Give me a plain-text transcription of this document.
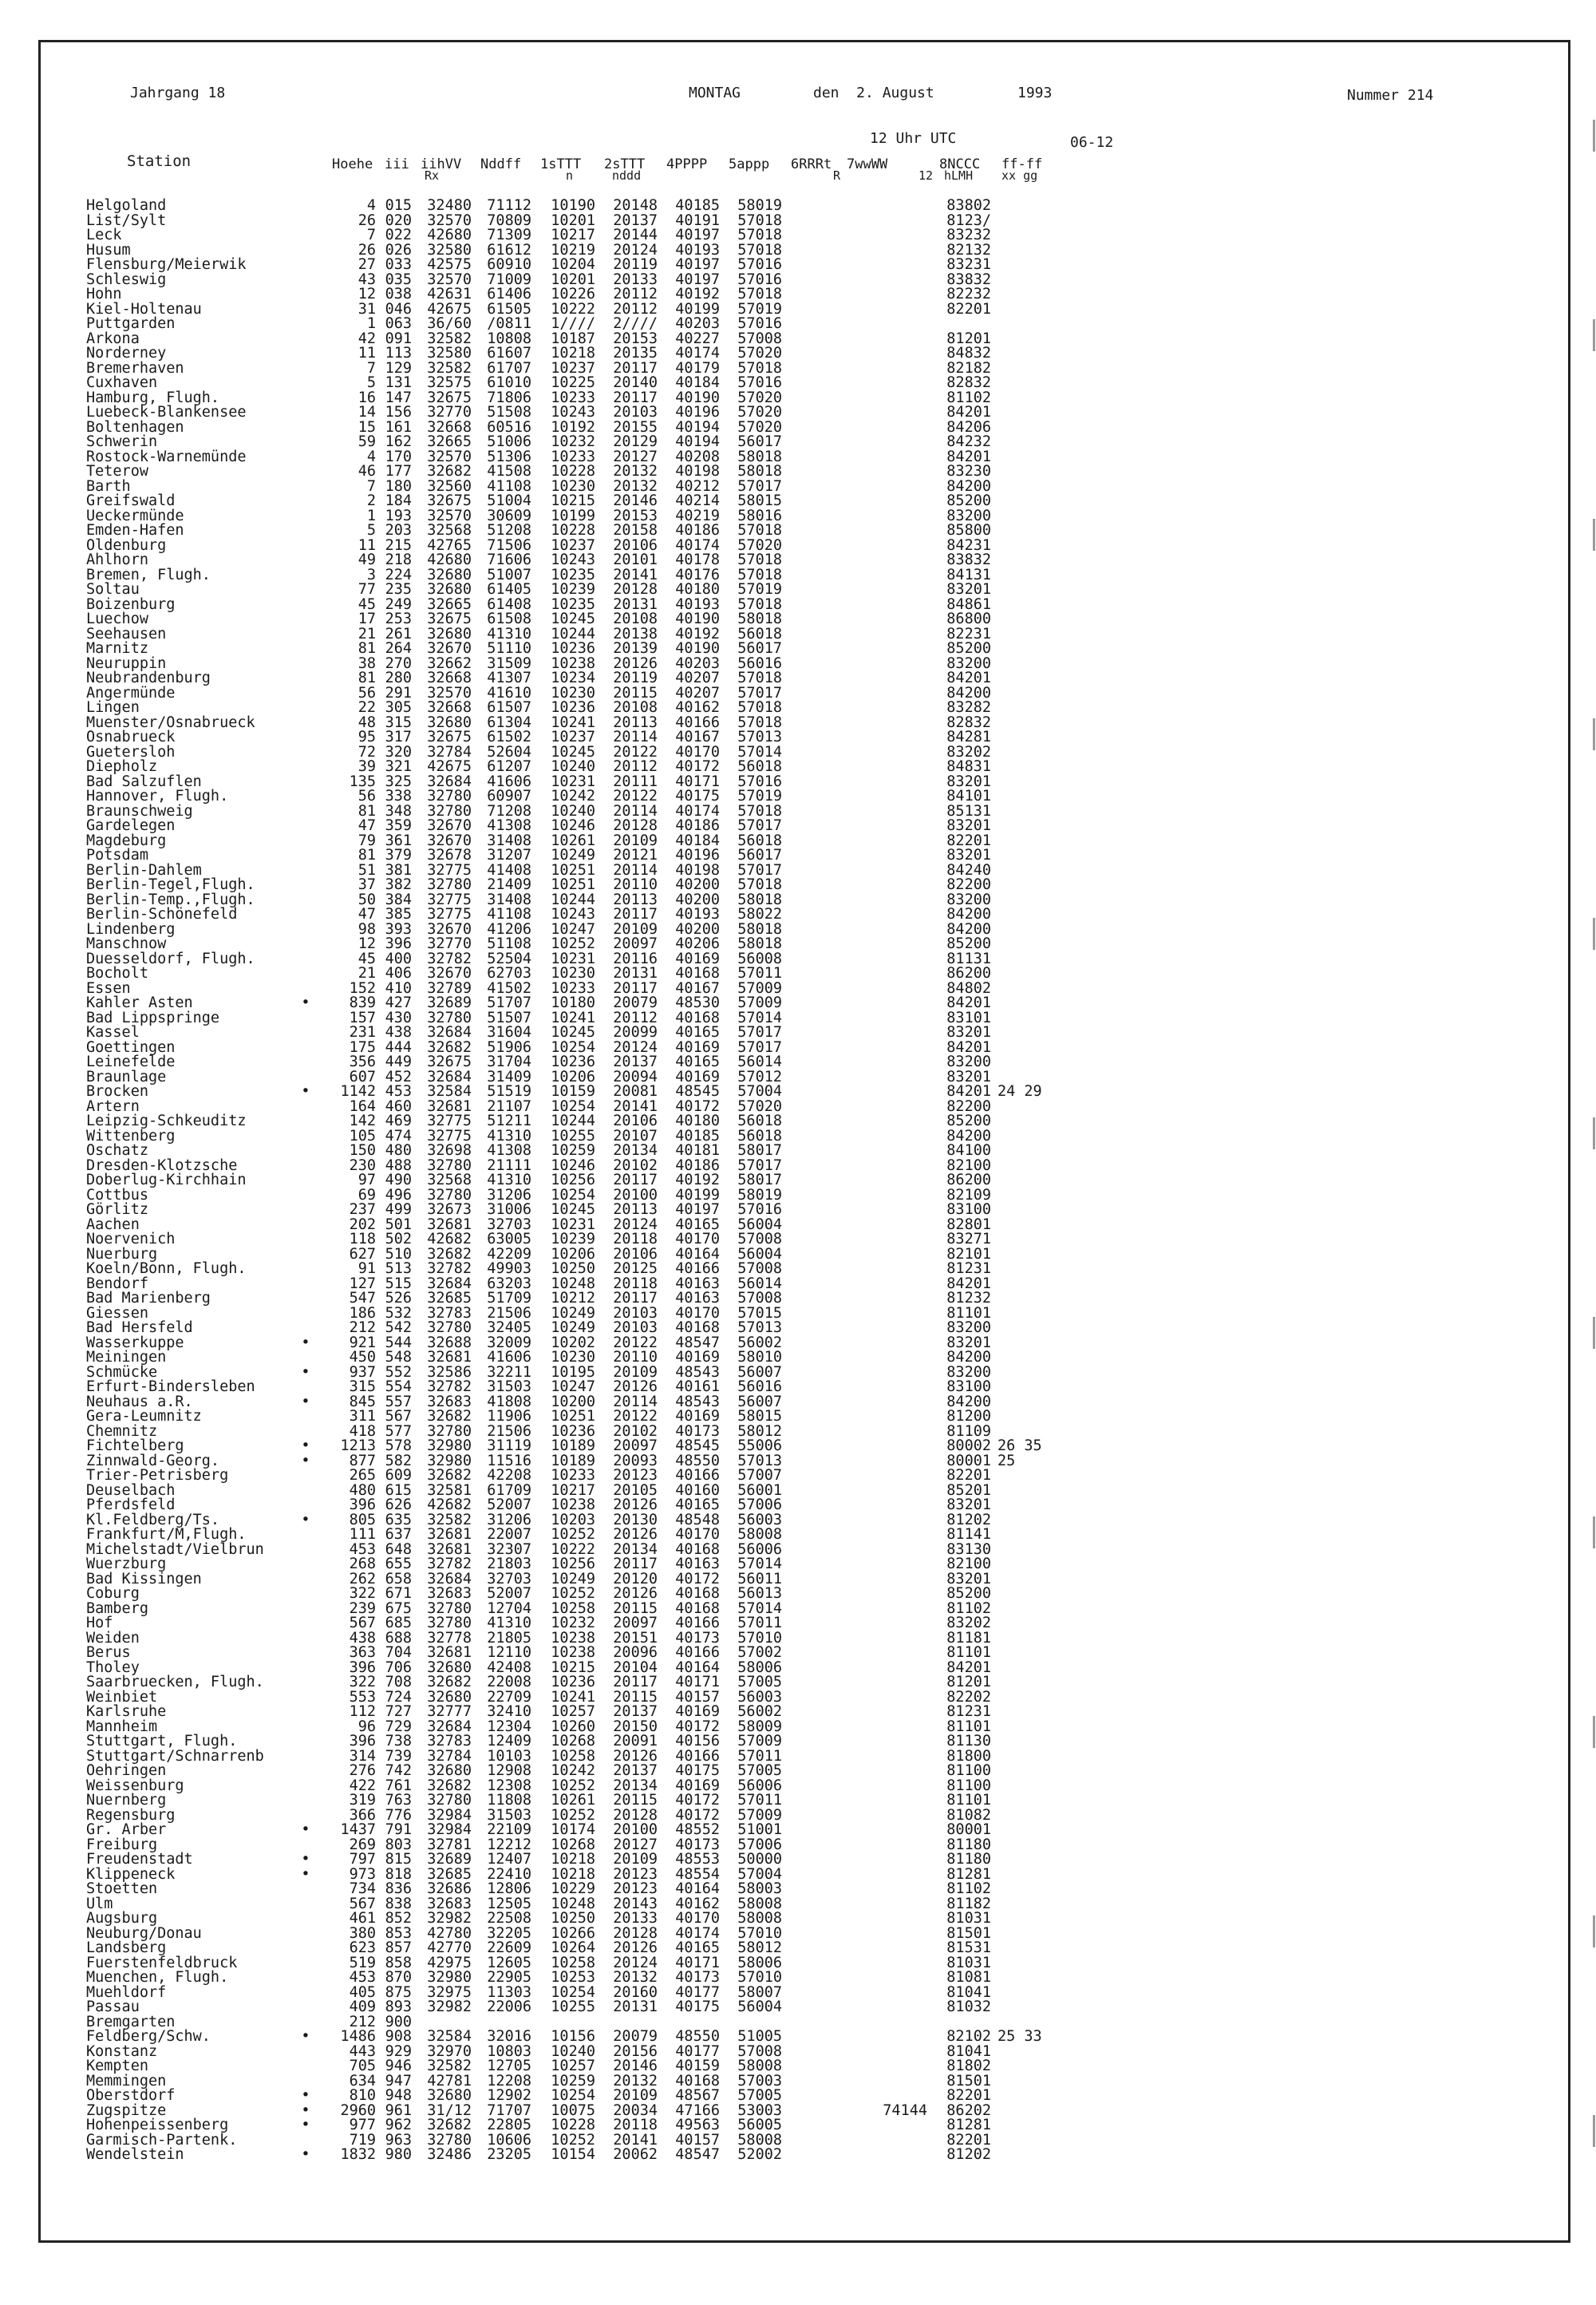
Jahrgang 18	MONTAG	den  2. August	1993	Nummer 214
12 Uhr UTC	06-12
Station	Hoehe iii iihVV Nddff 1sTTT 2sTTT 4PPPP 5appp 6RRRt 7wwWW	8NCCC ff-ff
Rx	n	nddd	R	12 hLMH xx gg
Helgoland		4	015	32480	71112	10190	20148	40185	58019			83802	
List/Sylt		26	020	32570	70809	10201	20137	40191	57018			8123/	
Leck		7	022	42680	71309	10217	20144	40197	57018			83232	
Husum		26	026	32580	61612	10219	20124	40193	57018			82132	
Flensburg/Meierwik		27	033	42575	60910	10204	20119	40197	57016			83231	
Schleswig		43	035	32570	71009	10201	20133	40197	57016			83832	
Hohn		12	038	42631	61406	10226	20112	40192	57018			82232	
Kiel-Holtenau		31	046	42675	61505	10222	20112	40199	57019			82201	
Puttgarden		1	063	36/60	/0811	1////	2////	40203	57016				
Arkona		42	091	32582	10808	10187	20153	40227	57008			81201	
Norderney		11	113	32580	61607	10218	20135	40174	57020			84832	
Bremerhaven		7	129	32582	61707	10237	20117	40179	57018			82182	
Cuxhaven		5	131	32575	61010	10225	20140	40184	57016			82832	
Hamburg, Flugh.		16	147	32675	71806	10233	20117	40190	57020			81102	
Luebeck-Blankensee		14	156	32770	51508	10243	20103	40196	57020			84201	
Boltenhagen		15	161	32668	60516	10192	20155	40194	57020			84206	
Schwerin		59	162	32665	51006	10232	20129	40194	56017			84232	
Rostock-Warnemünde		4	170	32570	51306	10233	20127	40208	58018			84201	
Teterow		46	177	32682	41508	10228	20132	40198	58018			83230	
Barth		7	180	32560	41108	10230	20132	40212	57017			84200	
Greifswald		2	184	32675	51004	10215	20146	40214	58015			85200	
Ueckermünde		1	193	32570	30609	10199	20153	40219	58016			83200	
Emden-Hafen		5	203	32568	51208	10228	20158	40186	57018			85800	
Oldenburg		11	215	42765	71506	10237	20106	40174	57020			84231	
Ahlhorn		49	218	42680	71606	10243	20101	40178	57018			83832	
Bremen, Flugh.		3	224	32680	51007	10235	20141	40176	57018			84131	
Soltau		77	235	32680	61405	10239	20128	40180	57019			83201	
Boizenburg		45	249	32665	61408	10235	20131	40193	57018			84861	
Luechow		17	253	32675	61508	10245	20108	40190	58018			86800	
Seehausen		21	261	32680	41310	10244	20138	40192	56018			82231	
Marnitz		81	264	32670	51110	10236	20139	40190	56017			85200	
Neuruppin		38	270	32662	31509	10238	20126	40203	56016			83200	
Neubrandenburg		81	280	32668	41307	10234	20119	40207	57018			84201	
Angermünde		56	291	32570	41610	10230	20115	40207	57017			84200	
Lingen		22	305	32668	61507	10236	20108	40162	57018			83282	
Muenster/Osnabrueck		48	315	32680	61304	10241	20113	40166	57018			82832	
Osnabrueck		95	317	32675	61502	10237	20114	40167	57013			84281	
Guetersloh		72	320	32784	52604	10245	20122	40170	57014			83202	
Diepholz		39	321	42675	61207	10240	20112	40172	56018			84831	
Bad Salzuflen		135	325	32684	41606	10231	20111	40171	57016			83201	
Hannover, Flugh.		56	338	32780	60907	10242	20122	40175	57019			84101	
Braunschweig		81	348	32780	71208	10240	20114	40174	57018			85131	
Gardelegen		47	359	32670	41308	10246	20128	40186	57017			83201	
Magdeburg		79	361	32670	31408	10261	20109	40184	56018			82201	
Potsdam		81	379	32678	31207	10249	20121	40196	56017			83201	
Berlin-Dahlem		51	381	32775	41408	10251	20114	40198	57017			84240	
Berlin-Tegel,Flugh.		37	382	32780	21409	10251	20110	40200	57018			82200	
Berlin-Temp.,Flugh.		50	384	32775	31408	10244	20113	40200	58018			83200	
Berlin-Schönefeld		47	385	32775	41108	10243	20117	40193	58022			84200	
Lindenberg		98	393	32670	41206	10247	20109	40200	58018			84200	
Manschnow		12	396	32770	51108	10252	20097	40206	58018			85200	
Duesseldorf, Flugh.		45	400	32782	52504	10231	20116	40169	56008			81131	
Bocholt		21	406	32670	62703	10230	20131	40168	57011			86200	
Essen		152	410	32789	41502	10233	20117	40167	57009			84802	
Kahler Asten	•	839	427	32689	51707	10180	20079	48530	57009			84201	
Bad Lippspringe		157	430	32780	51507	10241	20112	40168	57014			83101	
Kassel		231	438	32684	31604	10245	20099	40165	57017			83201	
Goettingen		175	444	32682	51906	10254	20124	40169	57017			84201	
Leinefelde		356	449	32675	31704	10236	20137	40165	56014			83200	
Braunlage		607	452	32684	31409	10206	20094	40169	57012			83201	
Brocken	•	1142	453	32584	51519	10159	20081	48545	57004			84201	24 29
Artern		164	460	32681	21107	10254	20141	40172	57020			82200	
Leipzig-Schkeuditz		142	469	32775	51211	10244	20106	40180	56018			85200	
Wittenberg		105	474	32775	41310	10255	20107	40185	56018			84200	
Oschatz		150	480	32698	41308	10259	20134	40181	58017			84100	
Dresden-Klotzsche		230	488	32780	21111	10246	20102	40186	57017			82100	
Doberlug-Kirchhain		97	490	32568	41310	10256	20117	40192	58017			86200	
Cottbus		69	496	32780	31206	10254	20100	40199	58019			82109	
Görlitz		237	499	32673	31006	10245	20113	40197	57016			83100	
Aachen		202	501	32681	32703	10231	20124	40165	56004			82801	
Noervenich		118	502	42682	63005	10239	20118	40170	57008			83271	
Nuerburg		627	510	32682	42209	10206	20106	40164	56004			82101	
Koeln/Bonn, Flugh.		91	513	32782	49903	10250	20125	40166	57008			81231	
Bendorf		127	515	32684	63203	10248	20118	40163	56014			84201	
Bad Marienberg		547	526	32685	51709	10212	20117	40163	57008			81232	
Giessen		186	532	32783	21506	10249	20103	40170	57015			81101	
Bad Hersfeld		212	542	32780	32405	10249	20103	40168	57013			83200	
Wasserkuppe	•	921	544	32688	32009	10202	20122	48547	56002			83201	
Meiningen		450	548	32681	41606	10230	20110	40169	58010			84200	
Schmücke	•	937	552	32586	32211	10195	20109	48543	56007			83200	
Erfurt-Bindersleben		315	554	32782	31503	10247	20126	40161	56016			83100	
Neuhaus a.R.	•	845	557	32683	41808	10200	20114	48543	56007			84200	
Gera-Leumnitz		311	567	32682	11906	10251	20122	40169	58015			81200	
Chemnitz		418	577	32780	21506	10236	20102	40173	58012			81109	
Fichtelberg	•	1213	578	32980	31119	10189	20097	48545	55006			80002	26 35
Zinnwald-Georg.	•	877	582	32980	11516	10189	20093	48550	57013			80001	25
Trier-Petrisberg		265	609	32682	42208	10233	20123	40166	57007			82201	
Deuselbach		480	615	32581	61709	10217	20105	40160	56001			85201	
Pferdsfeld		396	626	42682	52007	10238	20126	40165	57006			83201	
Kl.Feldberg/Ts.	•	805	635	32582	31206	10203	20130	48548	56003			81202	
Frankfurt/M,Flugh.		111	637	32681	22007	10252	20126	40170	58008			81141	
Michelstadt/Vielbrun		453	648	32681	32307	10222	20134	40168	56006			83130	
Wuerzburg		268	655	32782	21803	10256	20117	40163	57014			82100	
Bad Kissingen		262	658	32684	32703	10249	20120	40172	56011			83201	
Coburg		322	671	32683	52007	10252	20126	40168	56013			85200	
Bamberg		239	675	32780	12704	10258	20115	40168	57014			81102	
Hof		567	685	32780	41310	10232	20097	40166	57011			83202	
Weiden		438	688	32778	21805	10238	20151	40173	57010			81181	
Berus		363	704	32681	12110	10238	20096	40166	57002			81101	
Tholey		396	706	32680	42408	10215	20104	40164	58006			84201	
Saarbruecken, Flugh.		322	708	32682	22008	10236	20117	40171	57005			81201	
Weinbiet		553	724	32680	22709	10241	20115	40157	56003			82202	
Karlsruhe		112	727	32777	32410	10257	20137	40169	56002			81231	
Mannheim		96	729	32684	12304	10260	20150	40172	58009			81101	
Stuttgart, Flugh.		396	738	32783	12409	10268	20091	40156	57009			81130	
Stuttgart/Schnarrenb		314	739	32784	10103	10258	20126	40166	57011			81800	
Oehringen		276	742	32680	12908	10242	20137	40175	57005			81100	
Weissenburg		422	761	32682	12308	10252	20134	40169	56006			81100	
Nuernberg		319	763	32780	11808	10261	20115	40172	57011			81101	
Regensburg		366	776	32984	31503	10252	20128	40172	57009			81082	
Gr. Arber	•	1437	791	32984	22109	10174	20100	48552	51001			80001	
Freiburg		269	803	32781	12212	10268	20127	40173	57006			81180	
Freudenstadt	•	797	815	32689	12407	10218	20109	48553	50000			81180	
Klippeneck	•	973	818	32685	22410	10218	20123	48554	57004			81281	
Stoetten		734	836	32686	12806	10229	20123	40164	58003			81102	
Ulm		567	838	32683	12505	10248	20143	40162	58008			81182	
Augsburg		461	852	32982	22508	10250	20133	40170	58008			81031	
Neuburg/Donau		380	853	42780	32205	10266	20128	40174	57010			81501	
Landsberg		623	857	42770	22609	10264	20126	40165	58012			81531	
Fuerstenfeldbruck		519	858	42975	12605	10258	20124	40171	58006			81031	
Muenchen, Flugh.		453	870	32980	22905	10253	20132	40173	57010			81081	
Muehldorf		405	875	32975	11303	10254	20160	40177	58007			81041	
Passau		409	893	32982	22006	10255	20131	40175	56004			81032	
Bremgarten		212	900										
Feldberg/Schw.	•	1486	908	32584	32016	10156	20079	48550	51005			82102	25 33
Konstanz		443	929	32970	10803	10240	20156	40177	57008			81041	
Kempten		705	946	32582	12705	10257	20146	40159	58008			81802	
Memmingen		634	947	42781	12208	10259	20132	40168	57003			81501	
Oberstdorf	•	810	948	32680	12902	10254	20109	48567	57005			82201	
Zugspitze	•	2960	961	31/12	71707	10075	20034	47166	53003		74144	86202	
Hohenpeissenberg	•	977	962	32682	22805	10228	20118	49563	56005			81281	
Garmisch-Partenk.		719	963	32780	10606	10252	20141	40157	58008			82201	
Wendelstein	•	1832	980	32486	23205	10154	20062	48547	52002			81202	
